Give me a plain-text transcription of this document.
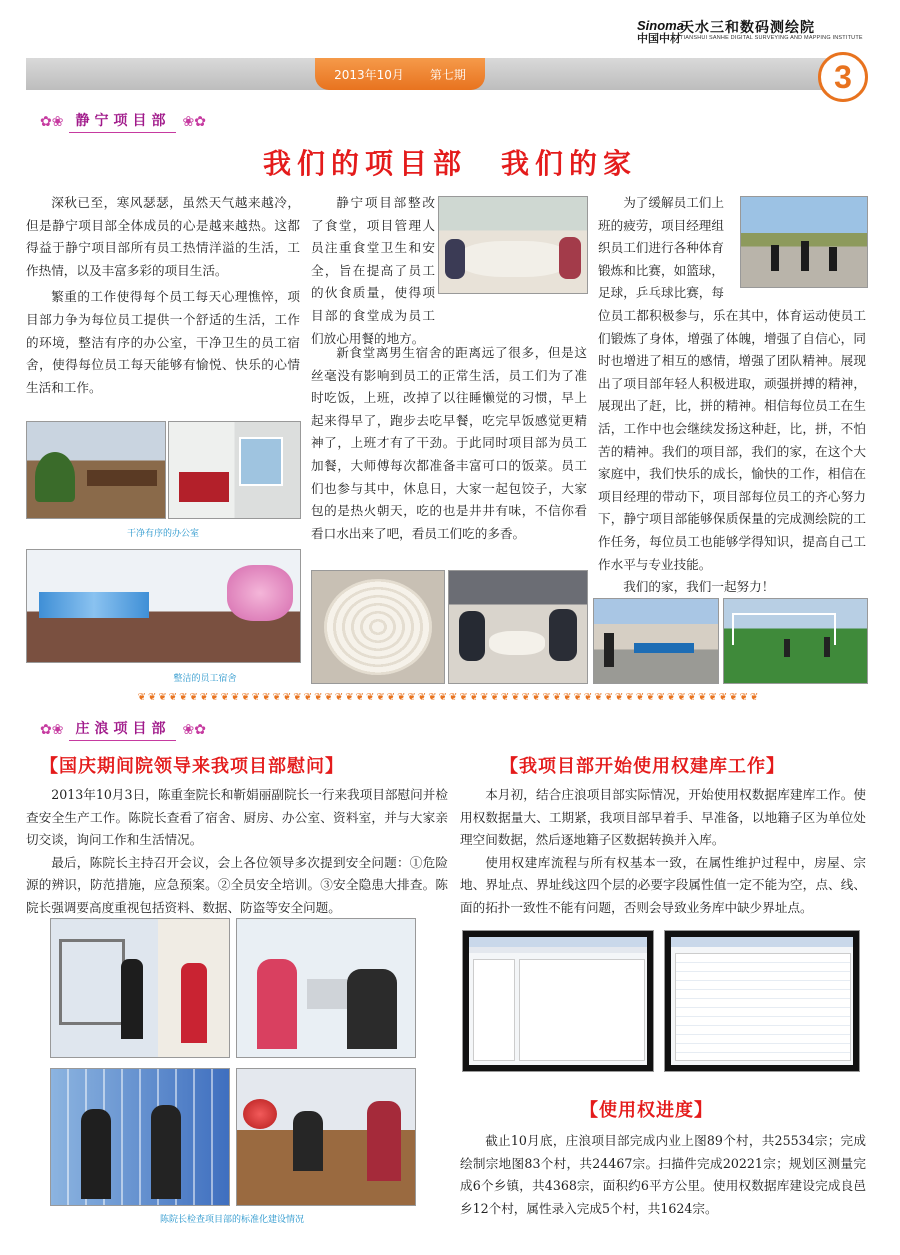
Sinoma
中国中材
天水三和数码测绘院
TIANSHUI SANHE DIGITAL SURVEYING AND MAPPING INSTITUTE
2013年10月 第七期	3
✿❀ 静宁项目部 ❀✿
我们的项目部　我们的家

深秋已至，寒风瑟瑟，虽然天气越来越冷，但是静宁项目部全体成员的心是越来越热。这都得益于静宁项目部所有员工热情洋溢的生活，工作热情，以及丰富多彩的项目生活。

繁重的工作使得每个员工每天心理憔悴，项目部力争为每位员工提供一个舒适的生活，工作的环境，整洁有序的办公室，干净卫生的员工宿舍，使得每位员工每天能够有愉悦、快乐的心情生活和工作。

干净有序的办公室
整洁的员工宿舍

静宁项目部整改了食堂，项目管理人员注重食堂卫生和安全，旨在提高了员工的伙食质量，使得项目部的食堂成为员工们放心用餐的地方。

新食堂离男生宿舍的距离远了很多，但是这丝毫没有影响到员工的正常生活，员工们为了准时吃饭，上班，改掉了以往睡懒觉的习惯，早上起来得早了，跑步去吃早餐，吃完早饭感觉更精神了，上班才有了干劲。于此同时项目部为员工加餐，大师傅每次都准备丰富可口的饭菜。员工们也参与其中，休息日，大家一起包饺子，大家包的是热火朝天，吃的也是井井有味，不信你看看口水出来了吧，看员工们吃的多香。

为了缓解员工们上班的疲劳，项目经理组织员工们进行各种体育锻炼和比赛，如篮球，足球，乒乓球比赛，每位员工都积极参与，乐在其中，体育运动使员工们锻炼了身体，增强了体魄，增强了自信心，同时也增进了相互的感情，增强了团队精神。展现出了项目部年轻人积极进取，顽强拼搏的精神，展现出了赶，比，拼的精神。相信每位员工在生活，工作中也会继续发扬这种赶，比，拼，不怕苦的精神。我们的项目部，我们的家，在这个大家庭中，我们快乐的成长，愉快的工作，相信在项目经理的带动下，项目部每位员工的齐心努力下，静宁项目部能够保质保量的完成测绘院的工作任务，每位员工也能够学得知识，提高自己工作水平与专业技能。

我们的家，我们一起努力！

❦❦❦❦❦❦❦❦❦❦❦❦❦❦❦❦❦❦❦❦❦❦❦❦❦❦❦❦❦❦❦❦❦❦❦❦❦❦❦❦❦❦❦❦❦❦❦❦❦❦❦❦❦❦❦❦❦❦❦❦
✿❀ 庄浪项目部 ❀✿
【国庆期间院领导来我项目部慰问】

2013年10月3日，陈重奎院长和靳娟丽副院长一行来我项目部慰问并检查安全生产工作。陈院长查看了宿舍、厨房、办公室、资料室，并与大家亲切交谈，询问工作和生活情况。

最后，陈院长主持召开会议，会上各位领导多次提到安全问题：①危险源的辨识，防范措施，应急预案。②全员安全培训。③安全隐患大排查。陈院长强调要高度重视包括资料、数据、防盗等安全问题。

陈院长检查项目部的标准化建设情况
【我项目部开始使用权建库工作】

本月初，结合庄浪项目部实际情况，开始使用权数据库建库工作。使用权数据量大、工期紧，我项目部早着手、早准备，以地籍子区为单位处理空间数据，然后逐地籍子区数据转换并入库。

使用权建库流程与所有权基本一致，在属性维护过程中，房屋、宗地、界址点、界址线这四个层的必要字段属性值一定不能为空，点、线、面的拓扑一致性不能有问题，否则会导致业务库中缺少界址点。

【使用权进度】

截止10月底，庄浪项目部完成内业上图89个村，共25534宗；完成绘制宗地图83个村，共24467宗。扫描件完成20221宗；规划区测量完成6个乡镇，共4368宗，面积约6平方公里。使用权数据库建设完成良邑乡12个村，属性录入完成5个村，共1624宗。
